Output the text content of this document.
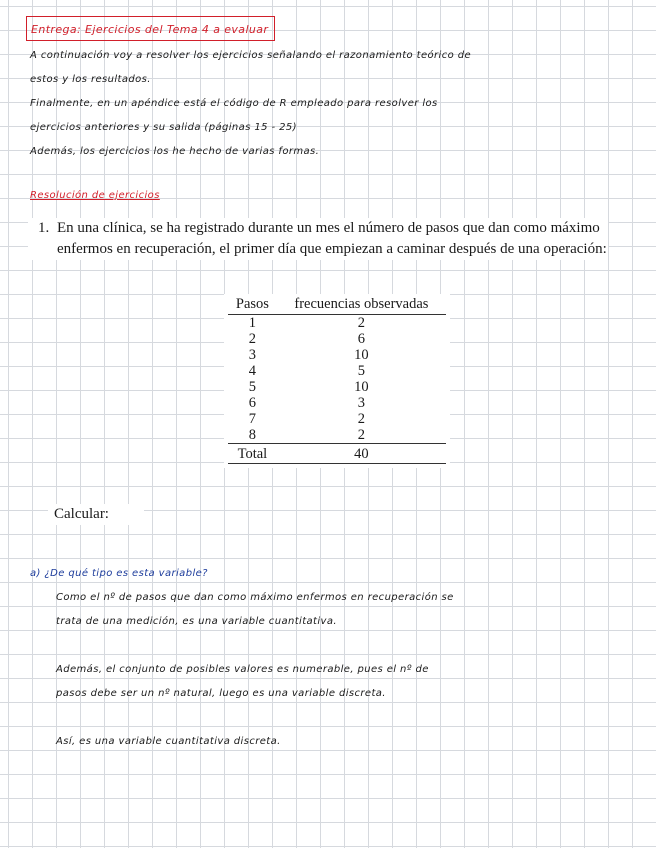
Entrega: Ejercicios del Tema 4 a evaluar
A continuación voy a resolver los ejercicios señalando el razonamiento teórico de
estos y los resultados.
Finalmente, en un apéndice está el código de R empleado para resolver los
ejercicios anteriores y su salida (páginas 15 - 25)
Además, los ejercicios los he hecho de varias formas.
Resolución de ejercicios
1. En una clínica, se ha registrado durante un mes el número de pasos que dan como máximo enfermos en recuperación, el primer día que empiezan a caminar después de una operación:
Pasos	frecuencias observadas
1	2
2	6
3	10
4	5
5	10
6	3
7	2
8	2
Total	40
Calcular:
a) ¿De qué tipo es esta variable?
Como el nº de pasos que dan como máximo enfermos en recuperación se
trata de una medición, es una variable cuantitativa.
Además, el conjunto de posibles valores es numerable, pues el nº de
pasos debe ser un nº natural, luego es una variable discreta.
Así, es una variable cuantitativa discreta.
